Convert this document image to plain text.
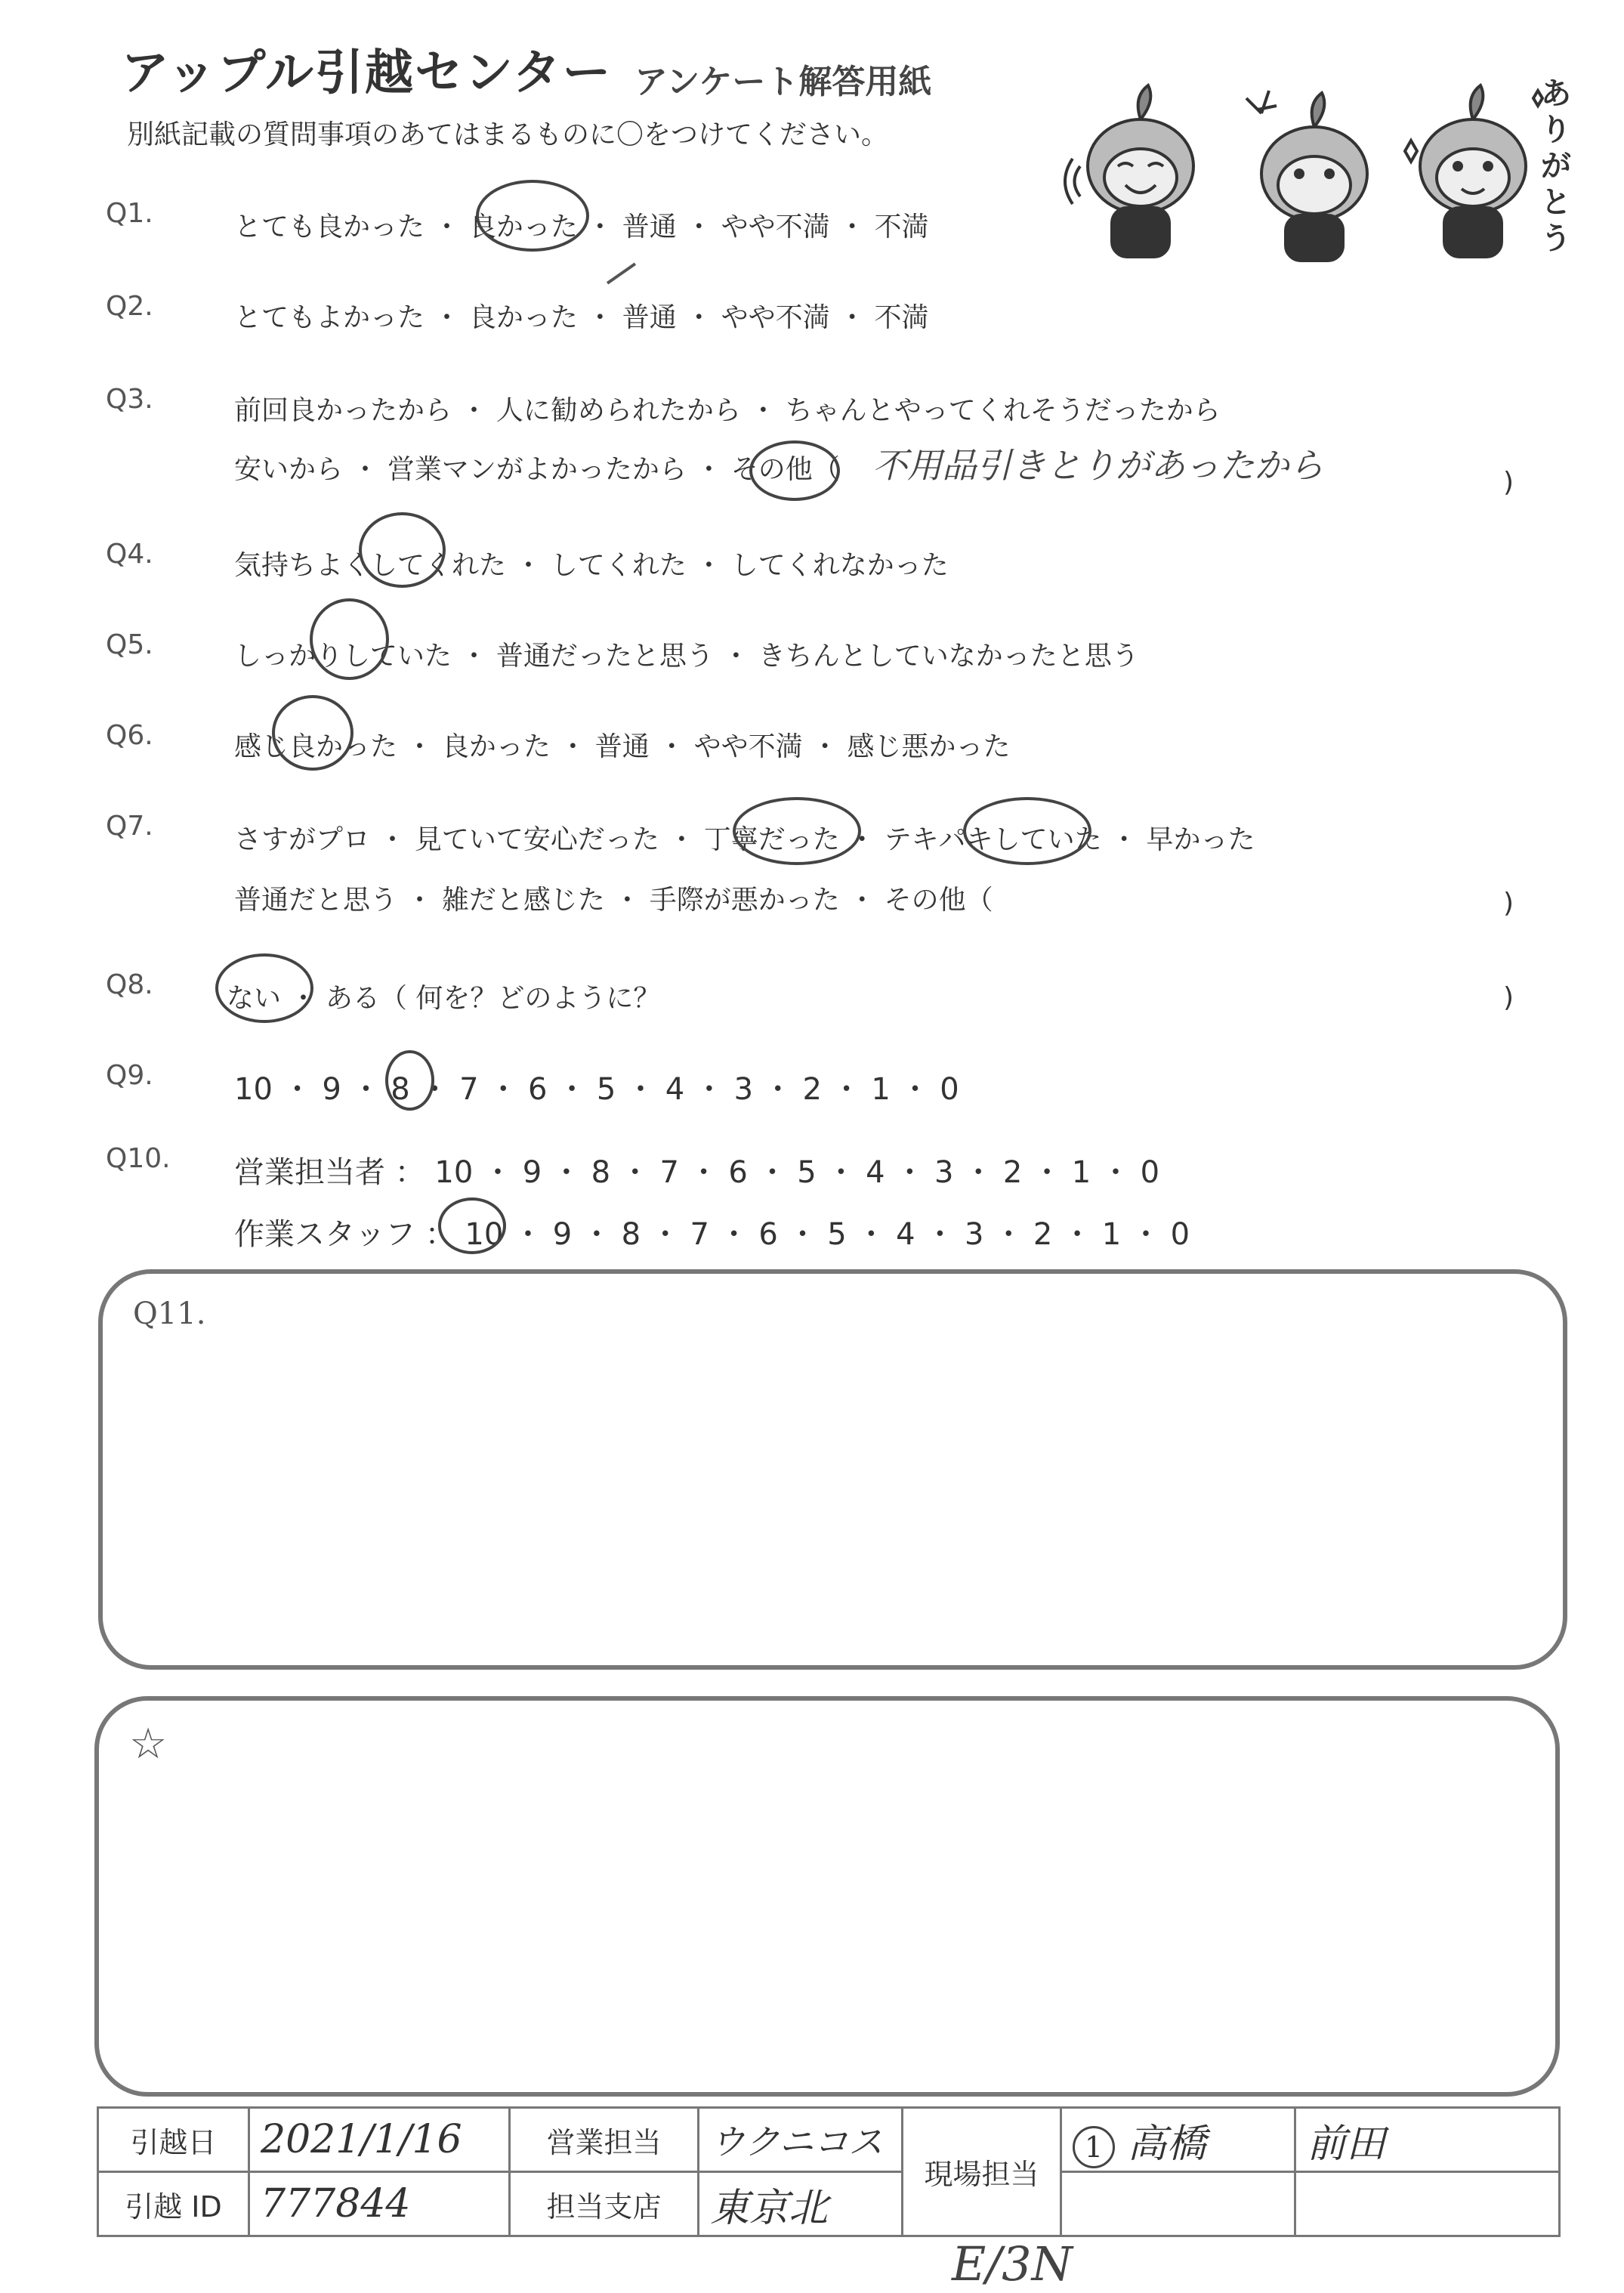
アップル引越センター アンケート解答用紙
別紙記載の質問事項のあてはまるものに〇をつけてください。
ありがとう
Q1.	とても良かった ・ 良かった ・ 普通 ・ やや不満 ・ 不満
Q2.	とてもよかった ・ 良かった ・ 普通 ・ やや不満 ・ 不満
Q3.	前回良かったから ・ 人に勧められたから ・ ちゃんとやってくれそうだったから
安いから ・ 営業マンがよかったから ・ その他（	)
不用品引きとりがあったから
Q4.	気持ちよくしてくれた ・ してくれた ・ してくれなかった
Q5.	しっかりしていた ・ 普通だったと思う ・ きちんとしていなかったと思う
Q6.	感じ良かった ・ 良かった ・ 普通 ・ やや不満 ・ 感じ悪かった
Q7.	さすがプロ ・ 見ていて安心だった ・ 丁寧だった ・ テキパキしていた ・ 早かった
普通だと思う ・ 雑だと感じた ・ 手際が悪かった ・ その他（	)
Q8.	ない ・ ある（ 何を？どのように？	)
Q9.	10 ・ 9 ・ 8 ・ 7 ・ 6 ・ 5 ・ 4 ・ 3 ・ 2 ・ 1 ・ 0
Q10. 営業担当者 ： 10 ・ 9 ・ 8 ・ 7 ・ 6 ・ 5 ・ 4 ・ 3 ・ 2 ・ 1 ・ 0
作業スタッフ ： 10 ・ 9 ・ 8 ・ 7 ・ 6 ・ 5 ・ 4 ・ 3 ・ 2 ・ 1 ・ 0
Q11.
☆
引越日	2021/1/16	営業担当	ウクニコス	現場担当	1 高橋	前田
引越 ID	777844	担当支店	東京北			
E/3N
